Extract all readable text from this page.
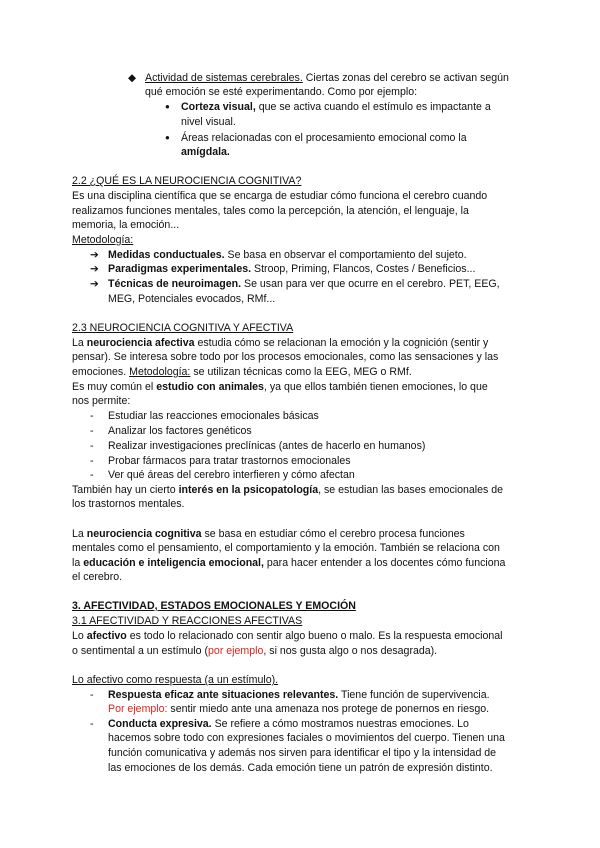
◆ Actividad de sistemas cerebrales. Ciertas zonas del cerebro se activan según
qué emoción se esté experimentando. Como por ejemplo:
● Corteza visual, que se activa cuando el estímulo es impactante a
nivel visual.
● Áreas relacionadas con el procesamiento emocional como la
amígdala.
2.2 ¿QUÉ ES LA NEUROCIENCIA COGNITIVA?
Es una disciplina científica que se encarga de estudiar cómo funciona el cerebro cuando
realizamos funciones mentales, tales como la percepción, la atención, el lenguaje, la
memoria, la emoción...
Metodología:
➔ Medidas conductuales. Se basa en observar el comportamiento del sujeto.
➔ Paradigmas experimentales. Stroop, Priming, Flancos, Costes / Beneficios...
➔ Técnicas de neuroimagen. Se usan para ver que ocurre en el cerebro. PET, EEG,
MEG, Potenciales evocados, RMf...
2.3 NEUROCIENCIA COGNITIVA Y AFECTIVA
La neurociencia afectiva estudia cómo se relacionan la emoción y la cognición (sentir y
pensar). Se interesa sobre todo por los procesos emocionales, como las sensaciones y las
emociones. Metodología: se utilizan técnicas como la EEG, MEG o RMf.
Es muy común el estudio con animales, ya que ellos también tienen emociones, lo que
nos permite:
- Estudiar las reacciones emocionales básicas
- Analizar los factores genéticos
- Realizar investigaciones preclínicas (antes de hacerlo en humanos)
- Probar fármacos para tratar trastornos emocionales
- Ver qué áreas del cerebro interfieren y cómo afectan
También hay un cierto interés en la psicopatología, se estudian las bases emocionales de
los trastornos mentales.
La neurociencia cognitiva se basa en estudiar cómo el cerebro procesa funciones
mentales como el pensamiento, el comportamiento y la emoción. También se relaciona con
la educación e inteligencia emocional, para hacer entender a los docentes cómo funciona
el cerebro.
3. AFECTIVIDAD, ESTADOS EMOCIONALES Y EMOCIÓN
3.1 AFECTIVIDAD Y REACCIONES AFECTIVAS
Lo afectivo es todo lo relacionado con sentir algo bueno o malo. Es la respuesta emocional
o sentimental a un estímulo (por ejemplo, si nos gusta algo o nos desagrada).
Lo afectivo como respuesta (a un estímulo).
- Respuesta eficaz ante situaciones relevantes. Tiene función de supervivencia.
Por ejemplo: sentir miedo ante una amenaza nos protege de ponernos en riesgo.
- Conducta expresiva. Se refiere a cómo mostramos nuestras emociones. Lo
hacemos sobre todo con expresiones faciales o movimientos del cuerpo. Tienen una
función comunicativa y además nos sirven para identificar el tipo y la intensidad de
las emociones de los demás. Cada emoción tiene un patrón de expresión distinto.
